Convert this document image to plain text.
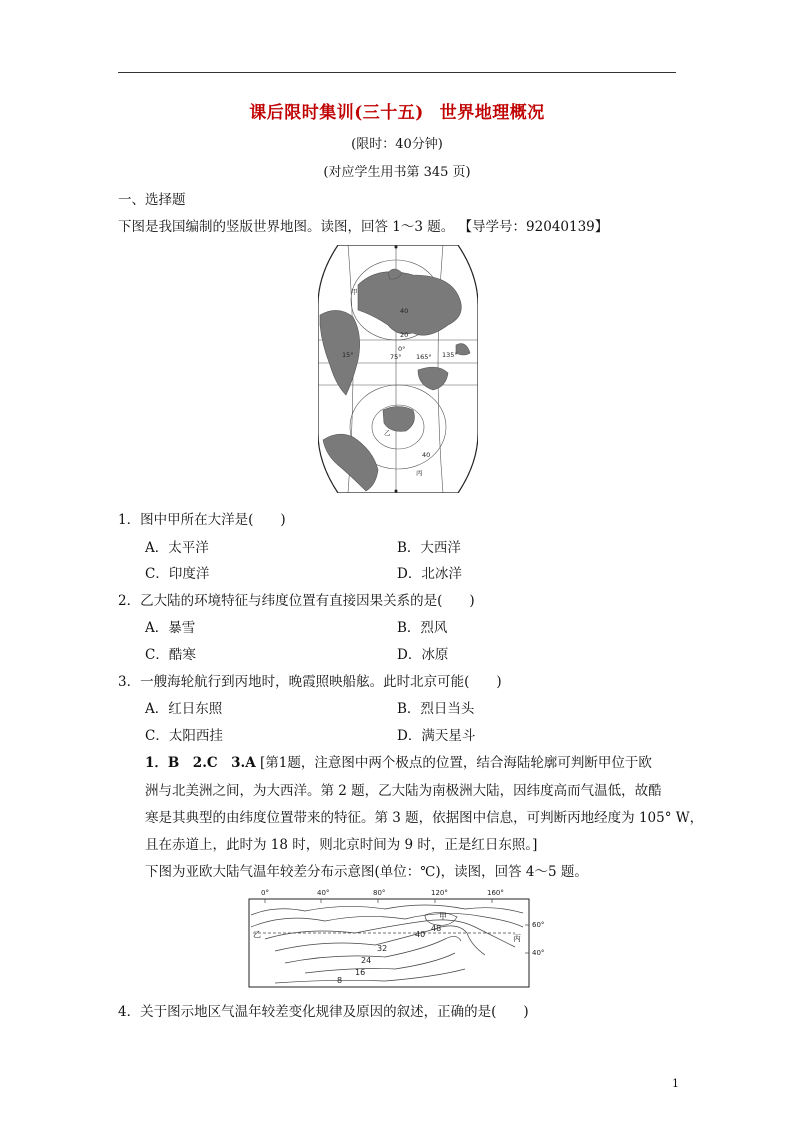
课后限时集训(三十五) 世界地理概况
(限时：40分钟)
(对应学生用书第 345 页)
一、选择题
下图是我国编制的竖版世界地图。读图，回答 1～3 题。 【导学号：92040139】
甲
乙
丙
40
40
20
0°
75° 165° 135°
15°
1．图中甲所在大洋是(　　)
A．太平洋	B．大西洋
C．印度洋	D．北冰洋
2．乙大陆的环境特征与纬度位置有直接因果关系的是(　　)
A．暴雪	B．烈风
C．酷寒	D．冰原
3．一艘海轮航行到丙地时，晚霞照映船舷。此时北京可能(　　)
A．红日东照	B．烈日当头
C．太阳西挂	D．满天星斗
1．B　2.C　3.A [第1题，注意图中两个极点的位置，结合海陆轮廓可判断甲位于欧
洲与北美洲之间，为大西洋。第 2 题，乙大陆为南极洲大陆，因纬度高而气温低，故酷
寒是其典型的由纬度位置带来的特征。第 3 题，依据图中信息，可判断丙地经度为 105° W，
且在赤道上，此时为 18 时，则北京时间为 9 时，正是红日东照。]
下图为亚欧大陆气温年较差分布示意图(单位：℃)，读图，回答 4～5 题。
0°	40°	80°	120°	160°
60°
40°
甲
乙	丙
40
48
32
24
16
8
4．关于图示地区气温年较差变化规律及原因的叙述，正确的是(　　)
1
